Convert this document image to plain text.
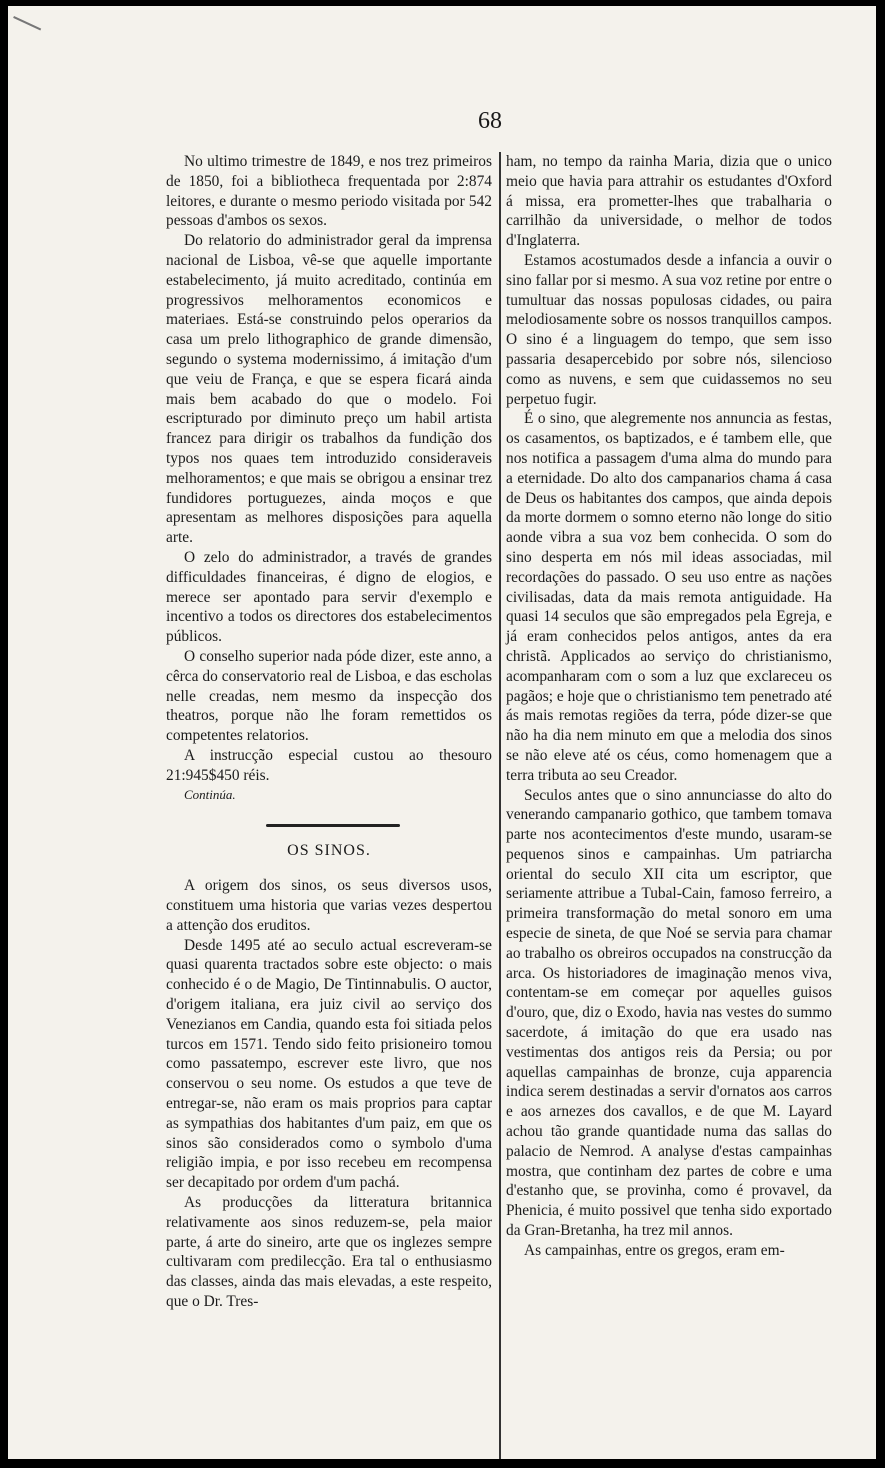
68

No ultimo trimestre de 1849, e nos trez primeiros de 1850, foi a bibliotheca frequentada por 2:874 leitores, e durante o mesmo periodo visitada por 542 pessoas d'ambos os sexos.

Do relatorio do administrador geral da imprensa nacional de Lisboa, vê-se que aquelle importante estabelecimento, já muito acreditado, continúa em progressivos melhoramentos economicos e materiaes. Está-se construindo pelos operarios da casa um prelo lithographico de grande dimensão, segundo o systema modernissimo, á imitação d'um que veiu de França, e que se espera ficará ainda mais bem acabado do que o modelo. Foi escripturado por diminuto preço um habil artista francez para dirigir os trabalhos da fundição dos typos nos quaes tem introduzido consideraveis melhoramentos; e que mais se obrigou a ensinar trez fundidores portuguezes, ainda moços e que apresentam as melhores disposições para aquella arte.

O zelo do administrador, a través de grandes difficuldades financeiras, é digno de elogios, e merece ser apontado para servir d'exemplo e incentivo a todos os directores dos estabelecimentos públicos.

O conselho superior nada póde dizer, este anno, a cêrca do conservatorio real de Lisboa, e das escholas nelle creadas, nem mesmo da inspecção dos theatros, porque não lhe foram remettidos os competentes relatorios.

A instrucção especial custou ao thesouro 21:945$450 réis.

Continúa.

OS SINOS.

A origem dos sinos, os seus diversos usos, constituem uma historia que varias vezes despertou a attenção dos eruditos.

Desde 1495 até ao seculo actual escreveram-se quasi quarenta tractados sobre este objecto: o mais conhecido é o de Magio, De Tintinnabulis. O auctor, d'origem italiana, era juiz civil ao serviço dos Venezianos em Candia, quando esta foi sitiada pelos turcos em 1571. Tendo sido feito prisioneiro tomou como passatempo, escrever este livro, que nos conservou o seu nome. Os estudos a que teve de entregar-se, não eram os mais proprios para captar as sympathias dos habitantes d'um paiz, em que os sinos são considerados como o symbolo d'uma religião impia, e por isso recebeu em recompensa ser decapitado por ordem d'um pachá.

As producções da litteratura britannica relativamente aos sinos reduzem-se, pela maior parte, á arte do sineiro, arte que os inglezes sempre cultivaram com predilecção. Era tal o enthusiasmo das classes, ainda das mais elevadas, a este respeito, que o Dr. Tres-

ham, no tempo da rainha Maria, dizia que o unico meio que havia para attrahir os estudantes d'Oxford á missa, era prometter-lhes que trabalharia o carrilhão da universidade, o melhor de todos d'Inglaterra.

Estamos acostumados desde a infancia a ouvir o sino fallar por si mesmo. A sua voz retine por entre o tumultuar das nossas populosas cidades, ou paira melodiosamente sobre os nossos tranquillos campos. O sino é a linguagem do tempo, que sem isso passaria desapercebido por sobre nós, silencioso como as nuvens, e sem que cuidassemos no seu perpetuo fugir.

É o sino, que alegremente nos annuncia as festas, os casamentos, os baptizados, e é tambem elle, que nos notifica a passagem d'uma alma do mundo para a eternidade. Do alto dos campanarios chama á casa de Deus os habitantes dos campos, que ainda depois da morte dormem o somno eterno não longe do sitio aonde vibra a sua voz bem conhecida. O som do sino desperta em nós mil ideas associadas, mil recordações do passado. O seu uso entre as nações civilisadas, data da mais remota antiguidade. Ha quasi 14 seculos que são empregados pela Egreja, e já eram conhecidos pelos antigos, antes da era christã. Applicados ao serviço do christianismo, acompanharam com o som a luz que exclareceu os pagãos; e hoje que o christianismo tem penetrado até ás mais remotas regiões da terra, póde dizer-se que não ha dia nem minuto em que a melodia dos sinos se não eleve até os céus, como homenagem que a terra tributa ao seu Creador.

Seculos antes que o sino annunciasse do alto do venerando campanario gothico, que tambem tomava parte nos acontecimentos d'este mundo, usaram-se pequenos sinos e campainhas. Um patriarcha oriental do seculo XII cita um escriptor, que seriamente attribue a Tubal-Cain, famoso ferreiro, a primeira transformação do metal sonoro em uma especie de sineta, de que Noé se servia para chamar ao trabalho os obreiros occupados na construcção da arca. Os historiadores de imaginação menos viva, contentam-se em começar por aquelles guisos d'ouro, que, diz o Exodo, havia nas vestes do summo sacerdote, á imitação do que era usado nas vestimentas dos antigos reis da Persia; ou por aquellas campainhas de bronze, cuja apparencia indica serem destinadas a servir d'ornatos aos carros e aos arnezes dos cavallos, e de que M. Layard achou tão grande quantidade numa das sallas do palacio de Nemrod. A analyse d'estas campainhas mostra, que continham dez partes de cobre e uma d'estanho que, se provinha, como é provavel, da Phenicia, é muito possivel que tenha sido exportado da Gran-Bretanha, ha trez mil annos.

As campainhas, entre os gregos, eram em-
